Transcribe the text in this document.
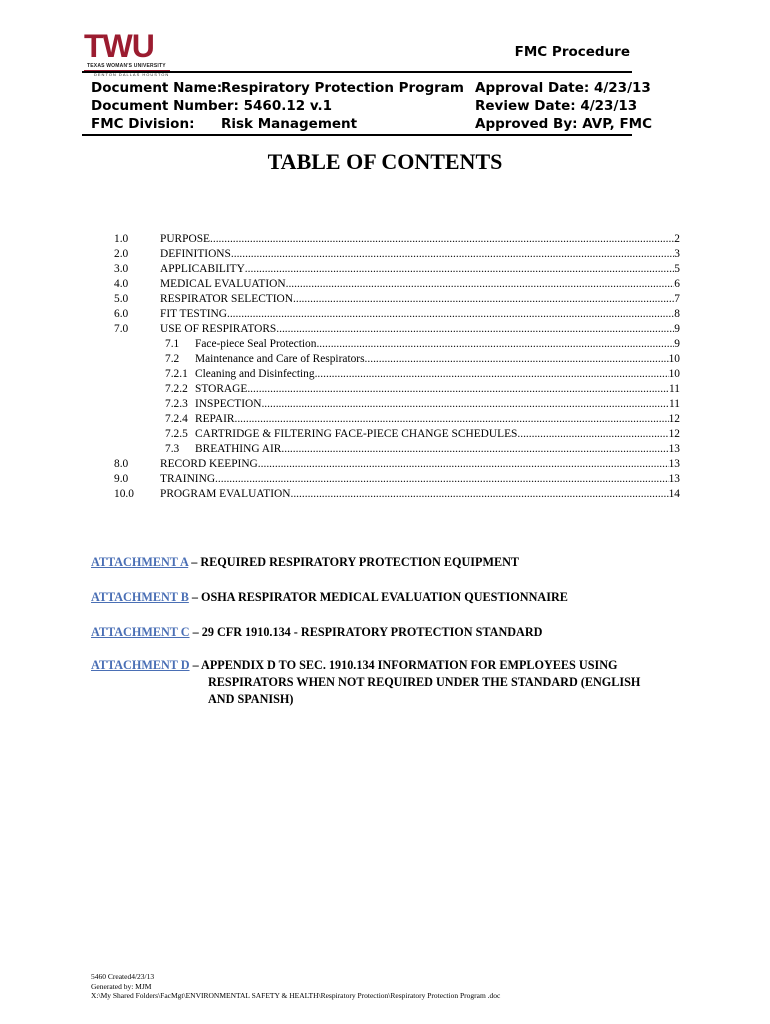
TWU
TEXAS WOMAN'S UNIVERSITY
DENTON DALLAS HOUSTON
FMC Procedure
Document Name:
Respiratory Protection Program
Document Number: 5460.12 v.1
FMC Division: Risk Management
Approval Date: 4/23/13
Review Date: 4/23/13
Approved By: AVP, FMC
TABLE OF CONTENTS
1.0	PURPOSE .....	2
2.0	DEFINITIONS .....	3
3.0	APPLICABILITY .....	5
4.0	MEDICAL EVALUATION .....	6
5.0	RESPIRATOR SELECTION .....	7
6.0	FIT TESTING .....	8
7.0	USE OF RESPIRATORS .....	9
7.1 Face-piece Seal Protection .....	9
7.2 Maintenance and Care of Respirators .....	10
7.2.1 Cleaning and Disinfecting .....	10
7.2.2 STORAGE .....	11
7.2.3 INSPECTION .....	11
7.2.4 REPAIR .....	12
7.2.5 CARTRIDGE & FILTERING FACE-PIECE CHANGE SCHEDULES .....	12
7.3 BREATHING AIR .....	13
8.0	RECORD KEEPING .....	13
9.0	TRAINING .....	13
10.0 PROGRAM EVALUATION .....	14
ATTACHMENT A – REQUIRED RESPIRATORY PROTECTION EQUIPMENT
ATTACHMENT B – OSHA RESPIRATOR MEDICAL EVALUATION QUESTIONNAIRE
ATTACHMENT C – 29 CFR 1910.134 - RESPIRATORY PROTECTION STANDARD
ATTACHMENT D – APPENDIX D TO SEC. 1910.134 INFORMATION FOR EMPLOYEES USING
RESPIRATORS WHEN NOT REQUIRED UNDER THE STANDARD (ENGLISH
AND SPANISH)
5460 Created4/23/13
Generated by: MJM
X:\My Shared Folders\FacMgt\ENVIRONMENTAL SAFETY & HEALTH\Respiratory Protection\Respiratory Protection Program .doc
